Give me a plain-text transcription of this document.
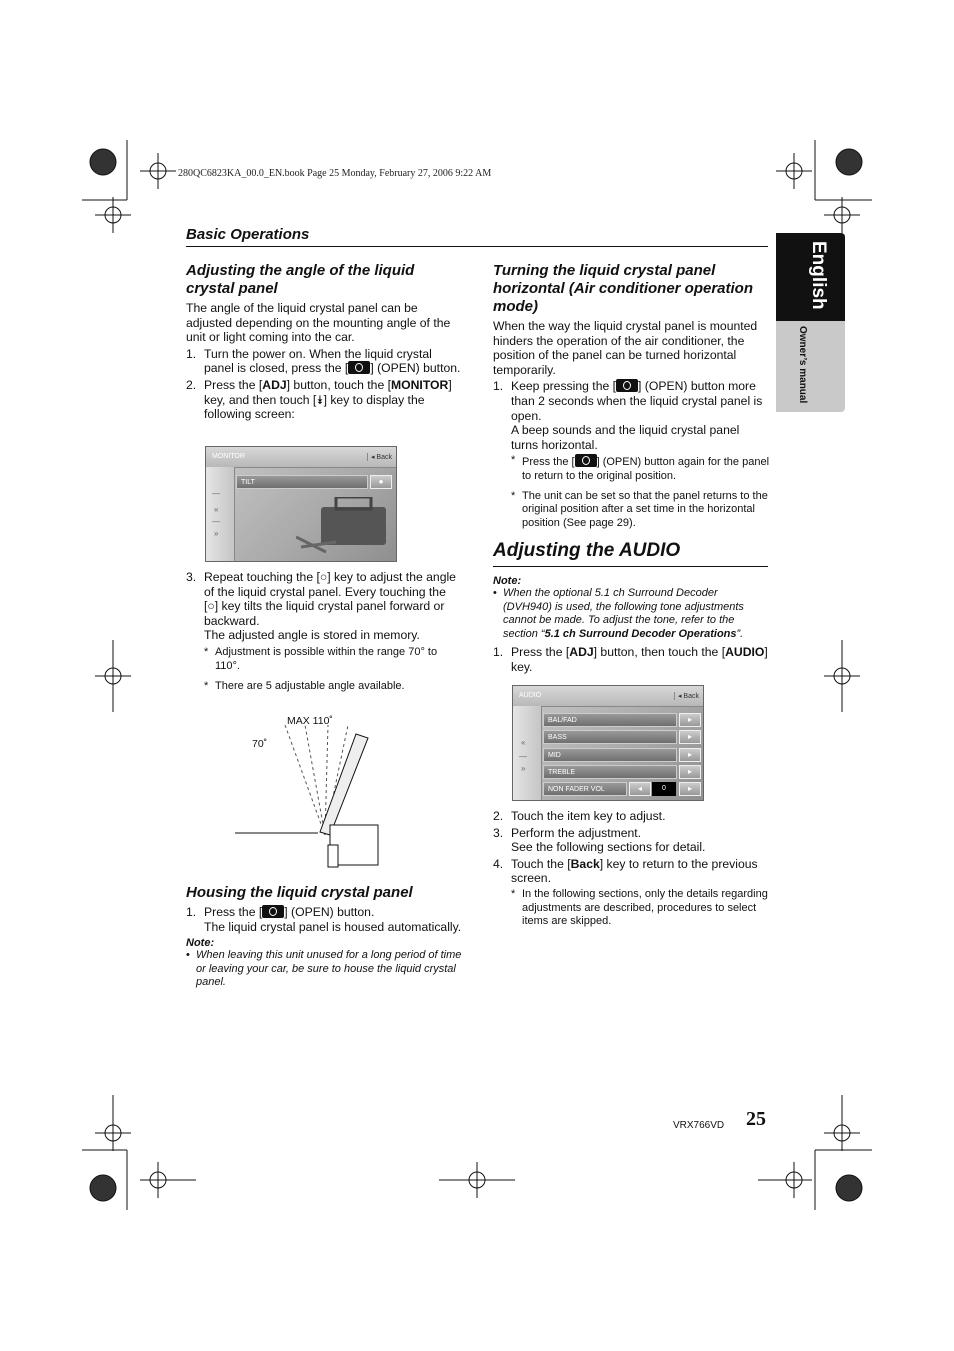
280QC6823KA_00.0_EN.book Page 25 Monday, February 27, 2006 9:22 AM
Basic Operations
English
Owner’s manual
Adjusting the angle of the liquid crystal panel
The angle of the liquid crystal panel can be adjusted depending on the mounting angle of the unit or light coming into the car.
1. Turn the power on. When the liquid crystal panel is closed, press the [ ] (OPEN) button.
2. Press the [ADJ] button, touch the [MONITOR] key, and then touch [⯯] key to display the following screen:
MONITOR	◂ Back
—
«
—
»
TILT	●
3. Repeat touching the [○] key to adjust the angle of the liquid crystal panel. Every touching the [○] key tilts the liquid crystal panel forward or backward.
The adjusted angle is stored in memory.
* Adjustment is possible within the range 70° to 110°.
* There are 5 adjustable angle available.
MAX 110˚
70˚
Housing the liquid crystal panel
1. Press the [ ] (OPEN) button.
The liquid crystal panel is housed automatically.
Note:
• When leaving this unit unused for a long period of time or leaving your car, be sure to house the liquid crystal panel.
Turning the liquid crystal panel horizontal (Air conditioner operation mode)
When the way the liquid crystal panel is mounted hinders the operation of the air conditioner, the position of the panel can be turned horizontal temporarily.
1. Keep pressing the [ ] (OPEN) button more than 2 seconds when the liquid crystal panel is open.
A beep sounds and the liquid crystal panel turns horizontal.
* Press the [ ] (OPEN) button again for the panel to return to the original position.
* The unit can be set so that the panel returns to the original position after a set time in the horizontal position (See page 29).
Adjusting the AUDIO
Note:
• When the optional 5.1 ch Surround Decoder (DVH940) is used, the following tone adjustments cannot be made. To adjust the tone, refer to the section “5.1 ch Surround Decoder Operations”.
1. Press the [ADJ] button, then touch the [AUDIO] key.
AUDIO	◂ Back
«
—
»
BAL/FAD	▸
BASS	▸
MID	▸
TREBLE	▸
NON FADER VOL	◂	0	▸
2. Touch the item key to adjust.
3. Perform the adjustment.
See the following sections for detail.
4. Touch the [Back] key to return to the previous screen.
* In the following sections, only the details regarding adjustments are described, procedures to select items are skipped.
VRX766VD 25
